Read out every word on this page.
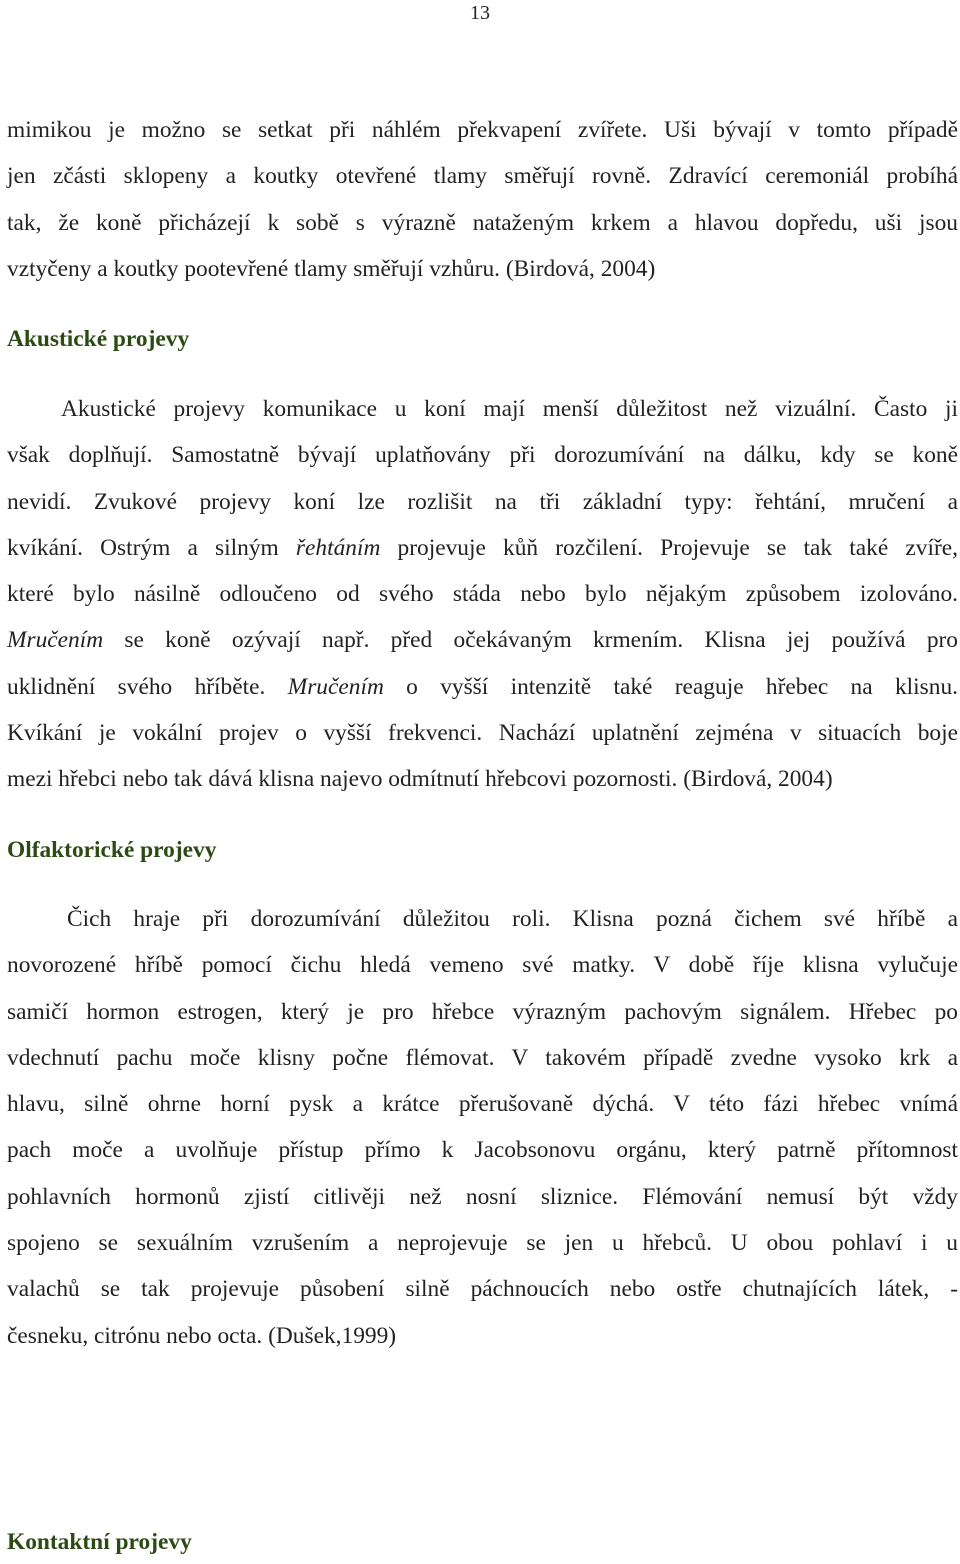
13
mimikou je možno se setkat při náhlém překvapení zvířete. Uši bývají v tomto případě
jen zčásti sklopeny a koutky otevřené tlamy směřují rovně. Zdravící ceremoniál probíhá
tak, že koně přicházejí k sobě s výrazně nataženým krkem a hlavou dopředu, uši jsou
vztyčeny a koutky pootevřené tlamy směřují vzhůru. (Birdová, 2004)
Akustické projevy
Akustické projevy komunikace u koní mají menší důležitost než vizuální. Často ji
však doplňují. Samostatně bývají uplatňovány při dorozumívání na dálku, kdy se koně
nevidí. Zvukové projevy koní lze rozlišit na tři základní typy: řehtání, mručení a
kvíkání. Ostrým a silným řehtáním projevuje kůň rozčilení. Projevuje se tak také zvíře,
které bylo násilně odloučeno od svého stáda nebo bylo nějakým způsobem izolováno.
Mručením se koně ozývají např. před očekávaným krmením. Klisna jej používá pro
uklidnění svého hříběte. Mručením o vyšší intenzitě také reaguje hřebec na klisnu.
Kvíkání je vokální projev o vyšší frekvenci. Nachází uplatnění zejména v situacích boje
mezi hřebci nebo tak dává klisna najevo odmítnutí hřebcovi pozornosti. (Birdová, 2004)
Olfaktorické projevy
Čich hraje při dorozumívání důležitou roli. Klisna pozná čichem své hříbě a
novorozené hříbě pomocí čichu hledá vemeno své matky. V době říje klisna vylučuje
samičí hormon estrogen, který je pro hřebce výrazným pachovým signálem. Hřebec po
vdechnutí pachu moče klisny počne flémovat. V takovém případě zvedne vysoko krk a
hlavu, silně ohrne horní pysk a krátce přerušovaně dýchá. V této fázi hřebec vnímá
pach moče a uvolňuje přístup přímo k Jacobsonovu orgánu, který patrně přítomnost
pohlavních hormonů zjistí citlivěji než nosní sliznice. Flémování nemusí být vždy
spojeno se sexuálním vzrušením a neprojevuje se jen u hřebců. U obou pohlaví i u
valachů se tak projevuje působení silně páchnoucích nebo ostře chutnajících látek, -
česneku, citrónu nebo octa. (Dušek,1999)
Kontaktní projevy
